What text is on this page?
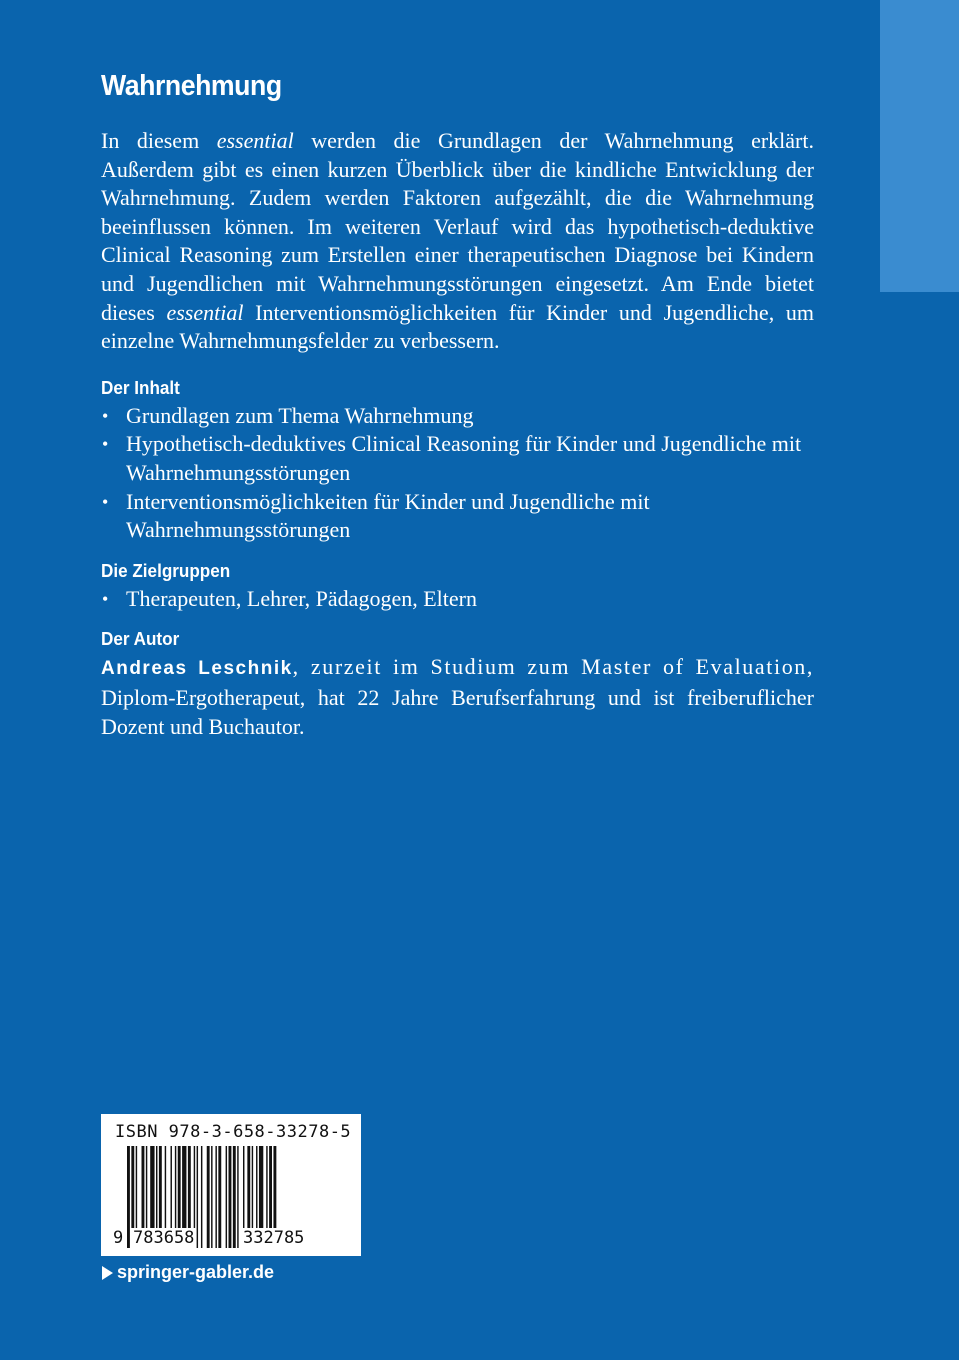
Wahrnehmung

In diesem essential werden die Grundlagen der Wahrnehmung erklärt. Außerdem gibt es einen kurzen Überblick über die kindliche Entwicklung der Wahrnehmung. Zudem werden Faktoren aufgezählt, die die Wahrnehmung beeinflussen können. Im weiteren Verlauf wird das hypothetisch-deduktive Clinical Reasoning zum Erstellen einer therapeutischen Diagnose bei Kindern und Jugendlichen mit Wahrnehmungsstörungen eingesetzt. Am Ende bietet dieses essential Interventionsmöglichkeiten für Kinder und Jugendliche, um einzelne Wahrnehmungsfelder zu verbessern.

Der Inhalt
• Grundlagen zum Thema Wahrnehmung
• Hypothetisch-deduktives Clinical Reasoning für Kinder und Jugendliche mit Wahrnehmungsstörungen
• Interventionsmöglichkeiten für Kinder und Jugendliche mit Wahrnehmungsstörungen
Die Zielgruppen
• Therapeuten, Lehrer, Pädagogen, Eltern
Der Autor

Andreas Leschnik, zurzeit im Studium zum Master of Evaluation, Diplom-Ergotherapeut, hat 22 Jahre Berufserfahrung und ist freiberuflicher Dozent und Buchautor.

ISBN 978-3-658-33278-5
9 783658	332785
springer-gabler.de
